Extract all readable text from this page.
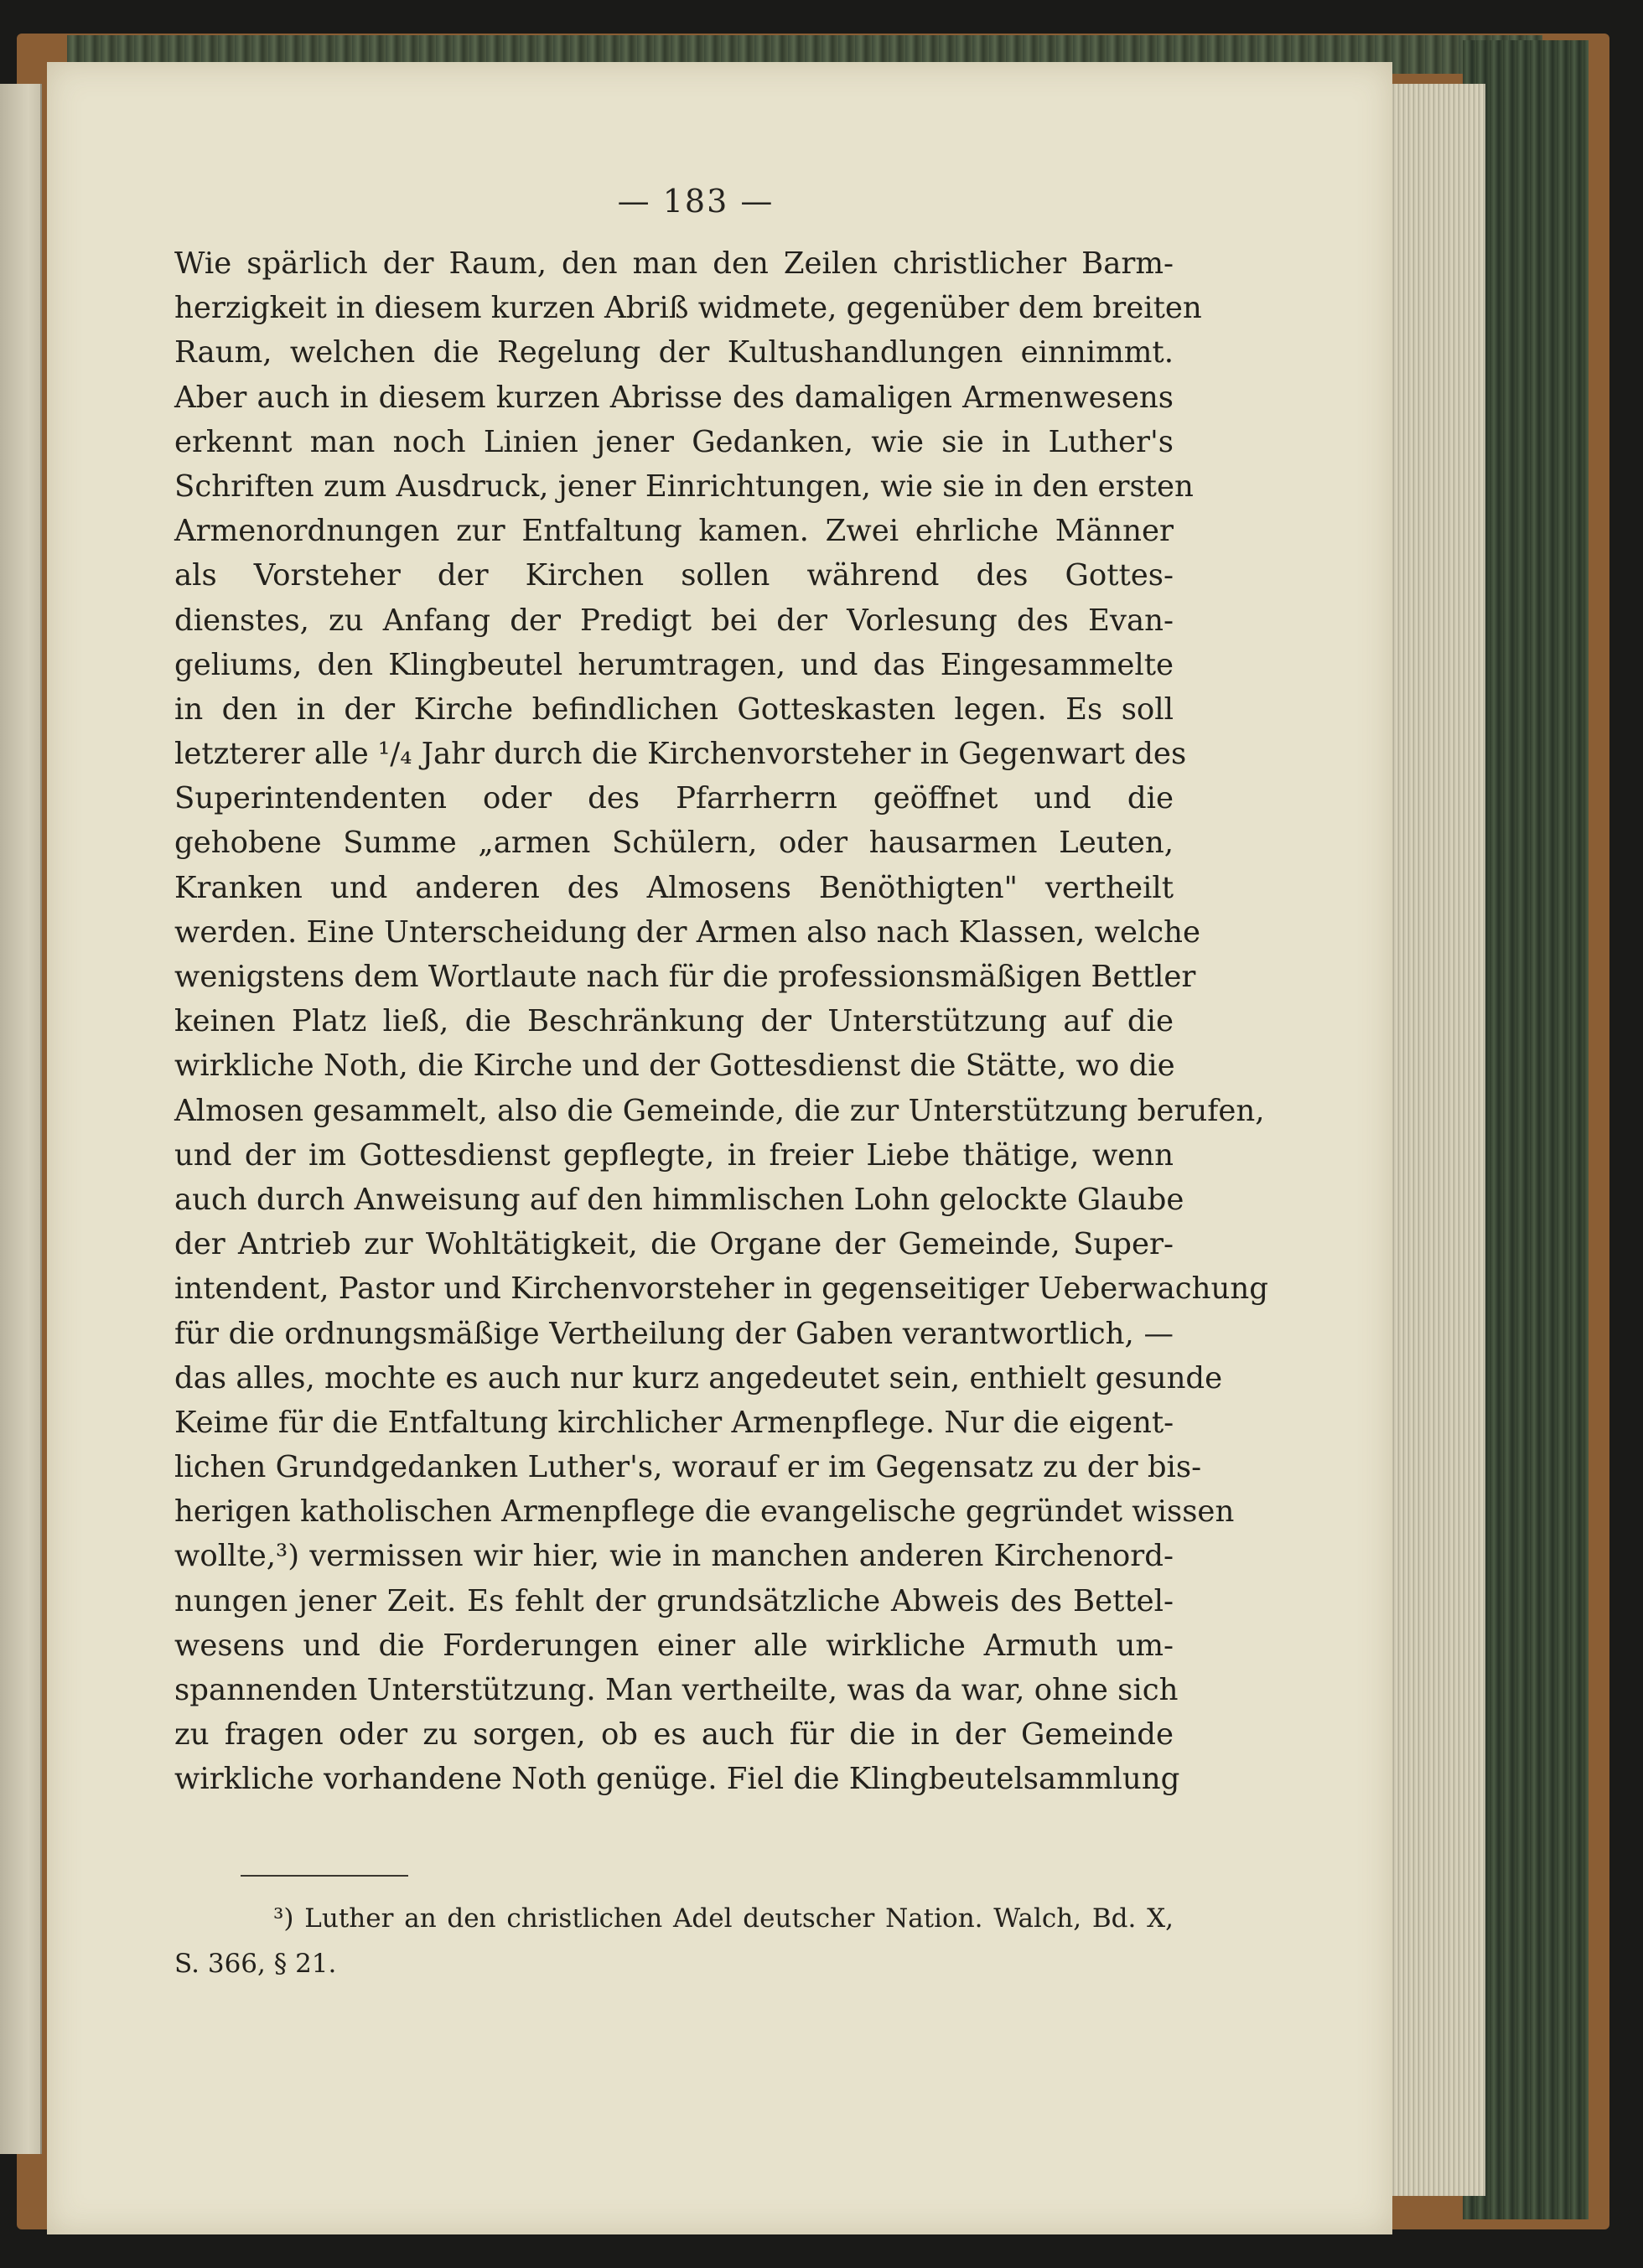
— 183 —
Wie spärlich der Raum, den man den Zeilen christlicher Barm-
herzigkeit in diesem kurzen Abriß widmete, gegenüber dem breiten
Raum, welchen die Regelung der Kultushandlungen einnimmt.
Aber auch in diesem kurzen Abrisse des damaligen Armenwesens
erkennt man noch Linien jener Gedanken, wie sie in Luther's
Schriften zum Ausdruck, jener Einrichtungen, wie sie in den ersten
Armenordnungen zur Entfaltung kamen. Zwei ehrliche Männer
als Vorsteher der Kirchen sollen während des Gottes-
dienstes, zu Anfang der Predigt bei der Vorlesung des Evan-
geliums, den Klingbeutel herumtragen, und das Eingesammelte
in den in der Kirche befindlichen Gotteskasten legen. Es soll
letzterer alle ¹/₄ Jahr durch die Kirchenvorsteher in Gegenwart des
Superintendenten oder des Pfarrherrn geöffnet und die
gehobene Summe „armen Schülern, oder hausarmen Leuten,
Kranken und anderen des Almosens Benöthigten" vertheilt
werden. Eine Unterscheidung der Armen also nach Klassen, welche
wenigstens dem Wortlaute nach für die professionsmäßigen Bettler
keinen Platz ließ, die Beschränkung der Unterstützung auf die
wirkliche Noth, die Kirche und der Gottesdienst die Stätte, wo die
Almosen gesammelt, also die Gemeinde, die zur Unterstützung berufen,
und der im Gottesdienst gepflegte, in freier Liebe thätige, wenn
auch durch Anweisung auf den himmlischen Lohn gelockte Glaube
der Antrieb zur Wohltätigkeit, die Organe der Gemeinde, Super-
intendent, Pastor und Kirchenvorsteher in gegenseitiger Ueberwachung
für die ordnungsmäßige Vertheilung der Gaben verantwortlich, —
das alles, mochte es auch nur kurz angedeutet sein, enthielt gesunde
Keime für die Entfaltung kirchlicher Armenpflege. Nur die eigent-
lichen Grundgedanken Luther's, worauf er im Gegensatz zu der bis-
herigen katholischen Armenpflege die evangelische gegründet wissen
wollte,³) vermissen wir hier, wie in manchen anderen Kirchenord-
nungen jener Zeit. Es fehlt der grundsätzliche Abweis des Bettel-
wesens und die Forderungen einer alle wirkliche Armuth um-
spannenden Unterstützung. Man vertheilte, was da war, ohne sich
zu fragen oder zu sorgen, ob es auch für die in der Gemeinde
wirkliche vorhandene Noth genüge. Fiel die Klingbeutelsammlung
³) Luther an den christlichen Adel deutscher Nation. Walch, Bd. X,
S. 366, § 21.
